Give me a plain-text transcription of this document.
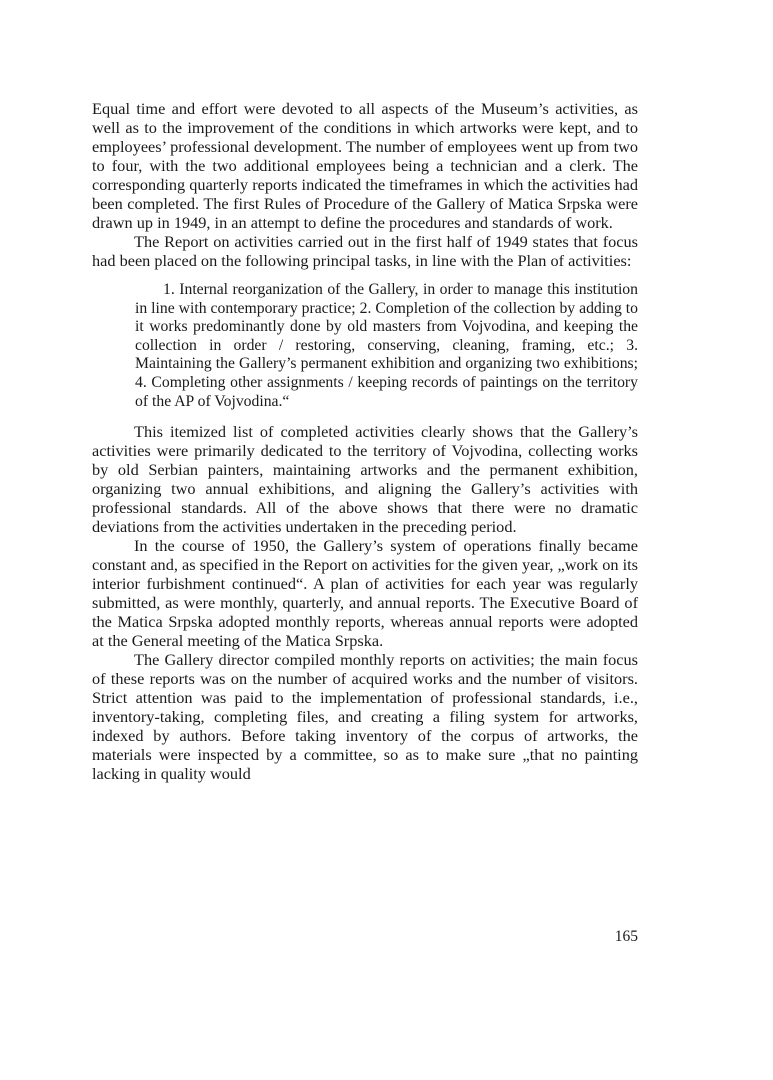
Equal time and effort were devoted to all aspects of the Museum’s activities, as well as to the improvement of the conditions in which artworks were kept, and to employees’ professional development. The number of employees went up from two to four, with the two additional employees being a technician and a clerk. The corresponding quarterly reports indicated the timeframes in which the activities had been completed. The first Rules of Procedure of the Gallery of Matica Srpska were drawn up in 1949, in an attempt to define the procedures and standards of work.

The Report on activities carried out in the first half of 1949 states that focus had been placed on the following principal tasks, in line with the Plan of activities:

1. Internal reorganization of the Gallery, in order to manage this institution in line with contemporary practice; 2. Completion of the collection by adding to it works predominantly done by old masters from Vojvodina, and keeping the collection in order / restoring, conserving, cleaning, framing, etc.; 3. Maintaining the Gallery’s permanent exhibition and organizing two exhibitions; 4. Completing other assignments / keeping records of paintings on the territory of the AP of Vojvodina.“

This itemized list of completed activities clearly shows that the Gallery’s activities were primarily dedicated to the territory of Vojvodina, collecting works by old Serbian painters, maintaining artworks and the permanent exhibition, organizing two annual exhibitions, and aligning the Gallery’s activities with professional standards. All of the above shows that there were no dramatic deviations from the activities undertaken in the preceding period.

In the course of 1950, the Gallery’s system of operations finally became constant and, as specified in the Report on activities for the given year, „work on its interior furbishment continued“. A plan of activities for each year was regularly submitted, as were monthly, quarterly, and annual reports. The Executive Board of the Matica Srpska adopted monthly reports, whereas annual reports were adopted at the General meeting of the Matica Srpska.

The Gallery director compiled monthly reports on activities; the main focus of these reports was on the number of acquired works and the number of visitors. Strict attention was paid to the implementation of professional standards, i.e., inventory-taking, completing files, and creating a filing system for artworks, indexed by authors. Before taking inventory of the corpus of artworks, the materials were inspected by a committee, so as to make sure „that no painting lacking in quality would

165
